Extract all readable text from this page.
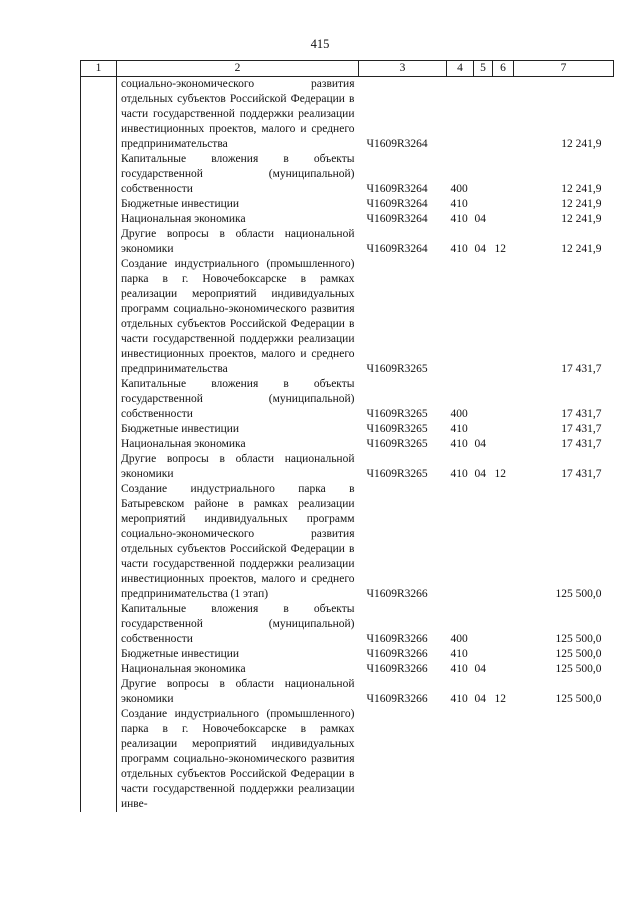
415
1	2	3	4	5	6	7
	социально-экономического развития отдельных субъектов Российской Федерации в части государственной поддержки реализации инвестиционных проектов, малого и среднего предпринимательства	Ч1609R3264				12 241,9
	Капитальные вложения в объекты государственной (муниципальной) собственности	Ч1609R3264	400			12 241,9
	Бюджетные инвестиции	Ч1609R3264	410			12 241,9
	Национальная экономика	Ч1609R3264	410	04		12 241,9
	Другие вопросы в области национальной экономики	Ч1609R3264	410	04	12	12 241,9
	Создание индустриального (промышленного) парка в г. Новочебоксарске в рамках реализации мероприятий индивидуальных программ социально-экономического развития отдельных субъектов Российской Федерации в части государственной поддержки реализации инвестиционных проектов, малого и среднего предпринимательства	Ч1609R3265				17 431,7
	Капитальные вложения в объекты государственной (муниципальной) собственности	Ч1609R3265	400			17 431,7
	Бюджетные инвестиции	Ч1609R3265	410			17 431,7
	Национальная экономика	Ч1609R3265	410	04		17 431,7
	Другие вопросы в области национальной экономики	Ч1609R3265	410	04	12	17 431,7
	Создание индустриального парка в Батыревском районе в рамках реализации мероприятий индивидуальных программ социально-экономического развития отдельных субъектов Российской Федерации в части государственной поддержки реализации инвестиционных проектов, малого и среднего предпринимательства (1 этап)	Ч1609R3266				125 500,0
	Капитальные вложения в объекты государственной (муниципальной) собственности	Ч1609R3266	400			125 500,0
	Бюджетные инвестиции	Ч1609R3266	410			125 500,0
	Национальная экономика	Ч1609R3266	410	04		125 500,0
	Другие вопросы в области национальной экономики	Ч1609R3266	410	04	12	125 500,0
	Создание индустриального (промышленного) парка в г. Новочебоксарске в рамках реализации мероприятий индивидуальных программ социально-экономического развития отдельных субъектов Российской Федерации в части государственной поддержки реализации инве-					
